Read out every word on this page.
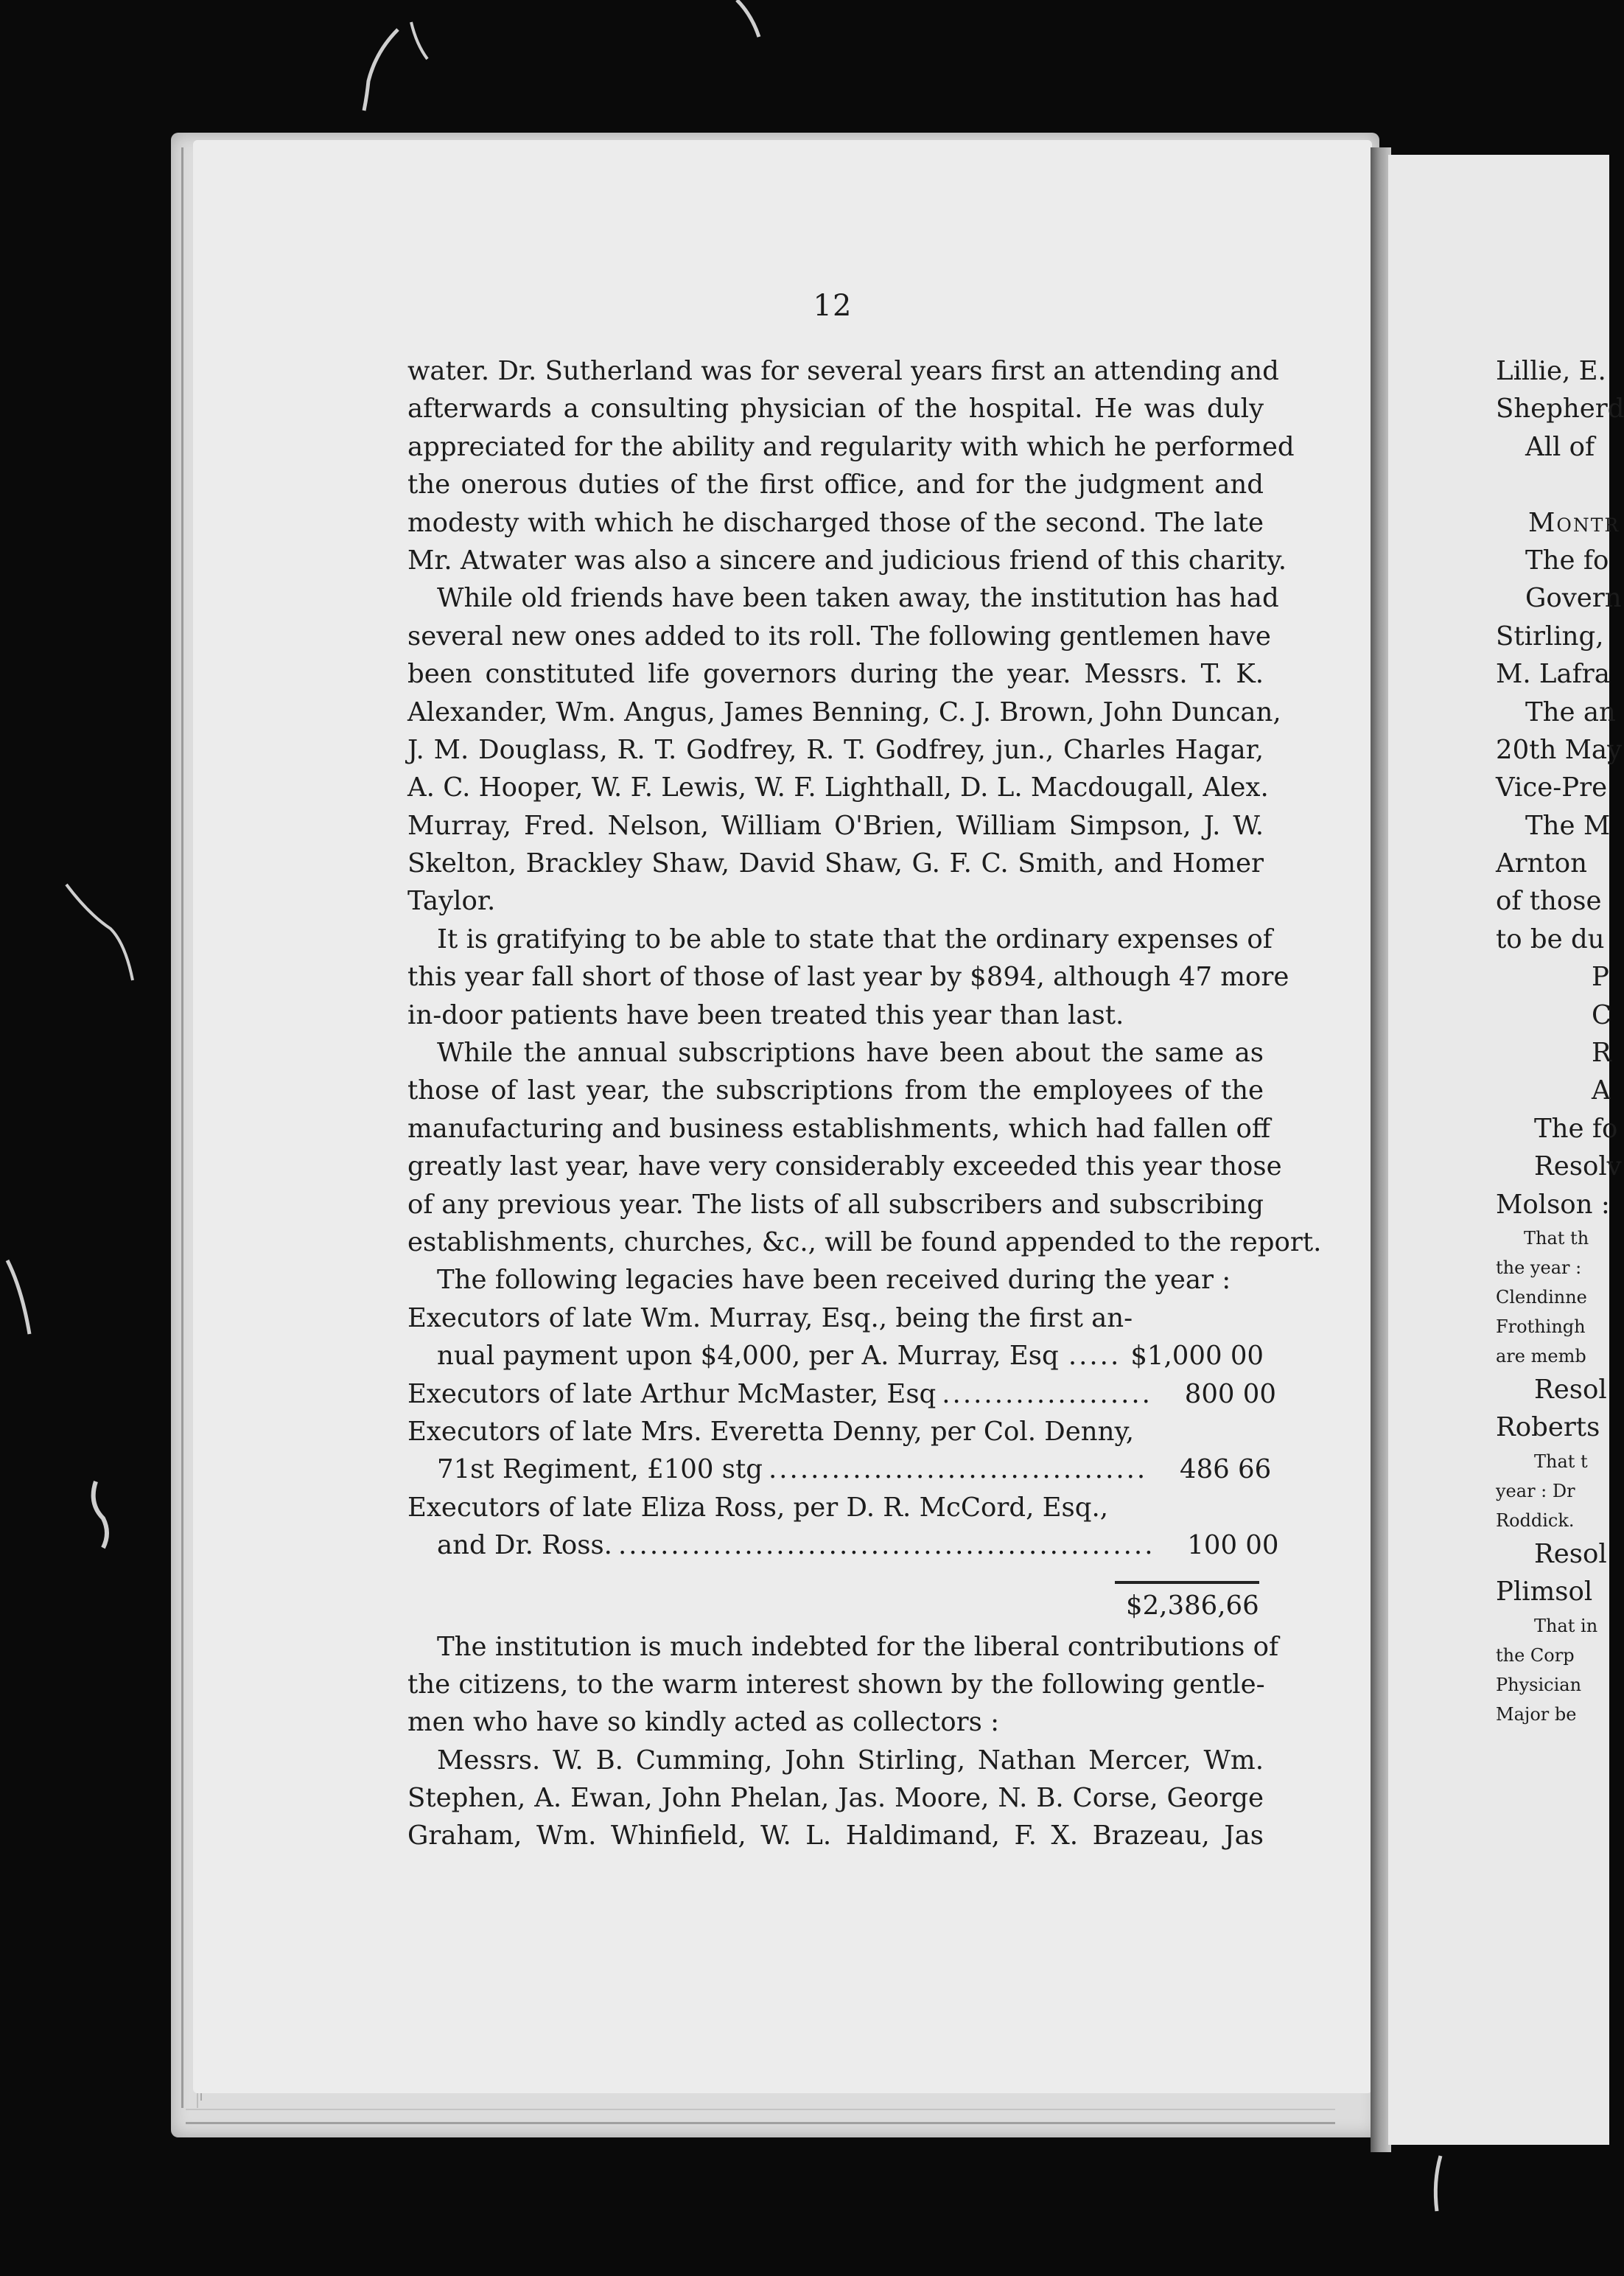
12
water. Dr. Sutherland was for several years first an attending and
afterwards a consulting physician of the hospital. He was duly
appreciated for the ability and regularity with which he performed
the onerous duties of the first office, and for the judgment and
modesty with which he discharged those of the second. The late
Mr. Atwater was also a sincere and judicious friend of this charity.
While old friends have been taken away, the institution has had
several new ones added to its roll. The following gentlemen have
been constituted life governors during the year. Messrs. T. K.
Alexander, Wm. Angus, James Benning, C. J. Brown, John Duncan,
J. M. Douglass, R. T. Godfrey, R. T. Godfrey, jun., Charles Hagar,
A. C. Hooper, W. F. Lewis, W. F. Lighthall, D. L. Macdougall, Alex.
Murray, Fred. Nelson, William O'Brien, William Simpson, J. W.
Skelton, Brackley Shaw, David Shaw, G. F. C. Smith, and Homer
Taylor.
It is gratifying to be able to state that the ordinary expenses of
this year fall short of those of last year by $894, although 47 more
in-door patients have been treated this year than last.
While the annual subscriptions have been about the same as
those of last year, the subscriptions from the employees of the
manufacturing and business establishments, which had fallen off
greatly last year, have very considerably exceeded this year those
of any previous year. The lists of all subscribers and subscribing
establishments, churches, &c., will be found appended to the report.
The following legacies have been received during the year :
Executors of late Wm. Murray, Esq., being the first an-
nual payment upon $4,000, per A. Murray, Esq ..... $1,000 00
Executors of late Arthur McMaster, Esq ....................	800 00
Executors of late Mrs. Everetta Denny, per Col. Denny,
71st Regiment, £100 stg ....................................	486 66
Executors of late Eliza Ross, per D. R. McCord, Esq.,
and Dr. Ross. ...................................................	100 00
$2,386,66
The institution is much indebted for the liberal contributions of
the citizens, to the warm interest shown by the following gentle-
men who have so kindly acted as collectors :
Messrs. W. B. Cumming, John Stirling, Nathan Mercer, Wm.
Stephen, A. Ewan, John Phelan, Jas. Moore, N. B. Corse, George
Graham, Wm. Whinfield, W. L. Haldimand, F. X. Brazeau, Jas
Lillie, E.
Shepherd
All of
Montr
The fo
Govern
Stirling,
M. Lafra
The an
20th May
Vice-Pre
The M
Arnton
of those
to be du
P
C
R
A
The fo
Resolv
Molson :
That th
the year :
Clendinne
Frothingh
are memb
Resol
Roberts
That t
year : Dr
Roddick.
Resol
Plimsol
That in
the Corp
Physician
Major be
